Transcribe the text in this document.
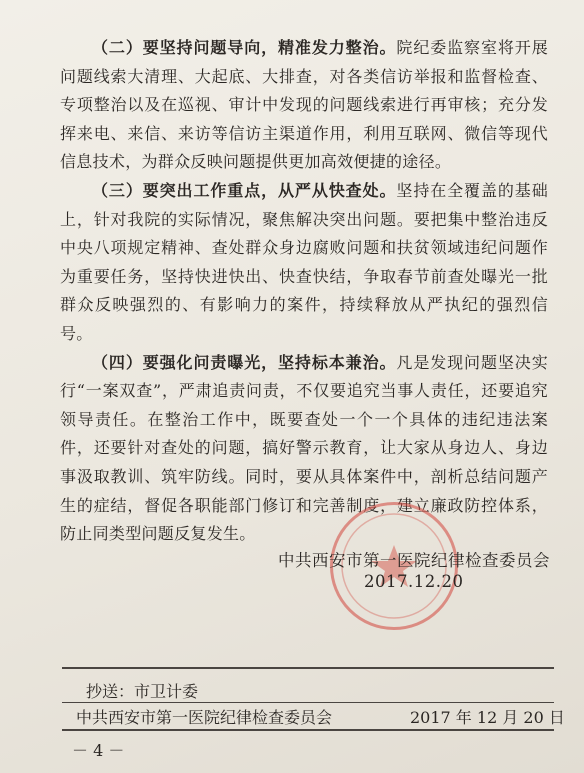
（二）要坚持问题导向，精准发力整治。院纪委监察室将开展问题线索大清理、大起底、大排查，对各类信访举报和监督检查、专项整治以及在巡视、审计中发现的问题线索进行再审核；充分发挥来电、来信、来访等信访主渠道作用，利用互联网、微信等现代信息技术，为群众反映问题提供更加高效便捷的途径。

（三）要突出工作重点，从严从快查处。坚持在全覆盖的基础上，针对我院的实际情况，聚焦解决突出问题。要把集中整治违反中央八项规定精神、查处群众身边腐败问题和扶贫领域违纪问题作为重要任务，坚持快进快出、快查快结，争取春节前查处曝光一批群众反映强烈的、有影响力的案件，持续释放从严执纪的强烈信号。

（四）要强化问责曝光，坚持标本兼治。凡是发现问题坚决实行“一案双查”，严肃追责问责，不仅要追究当事人责任，还要追究领导责任。在整治工作中，既要查处一个一个具体的违纪违法案件，还要针对查处的问题，搞好警示教育，让大家从身边人、身边事汲取教训、筑牢防线。同时，要从具体案件中，剖析总结问题产生的症结，督促各职能部门修订和完善制度，建立廉政防控体系，防止同类型问题反复发生。

中共西安市第一医院纪律检查委员会
2017.12.20
抄送：市卫计委
中共西安市第一医院纪律检查委员会	2017 年 12 月 20 日
－ 4 －
